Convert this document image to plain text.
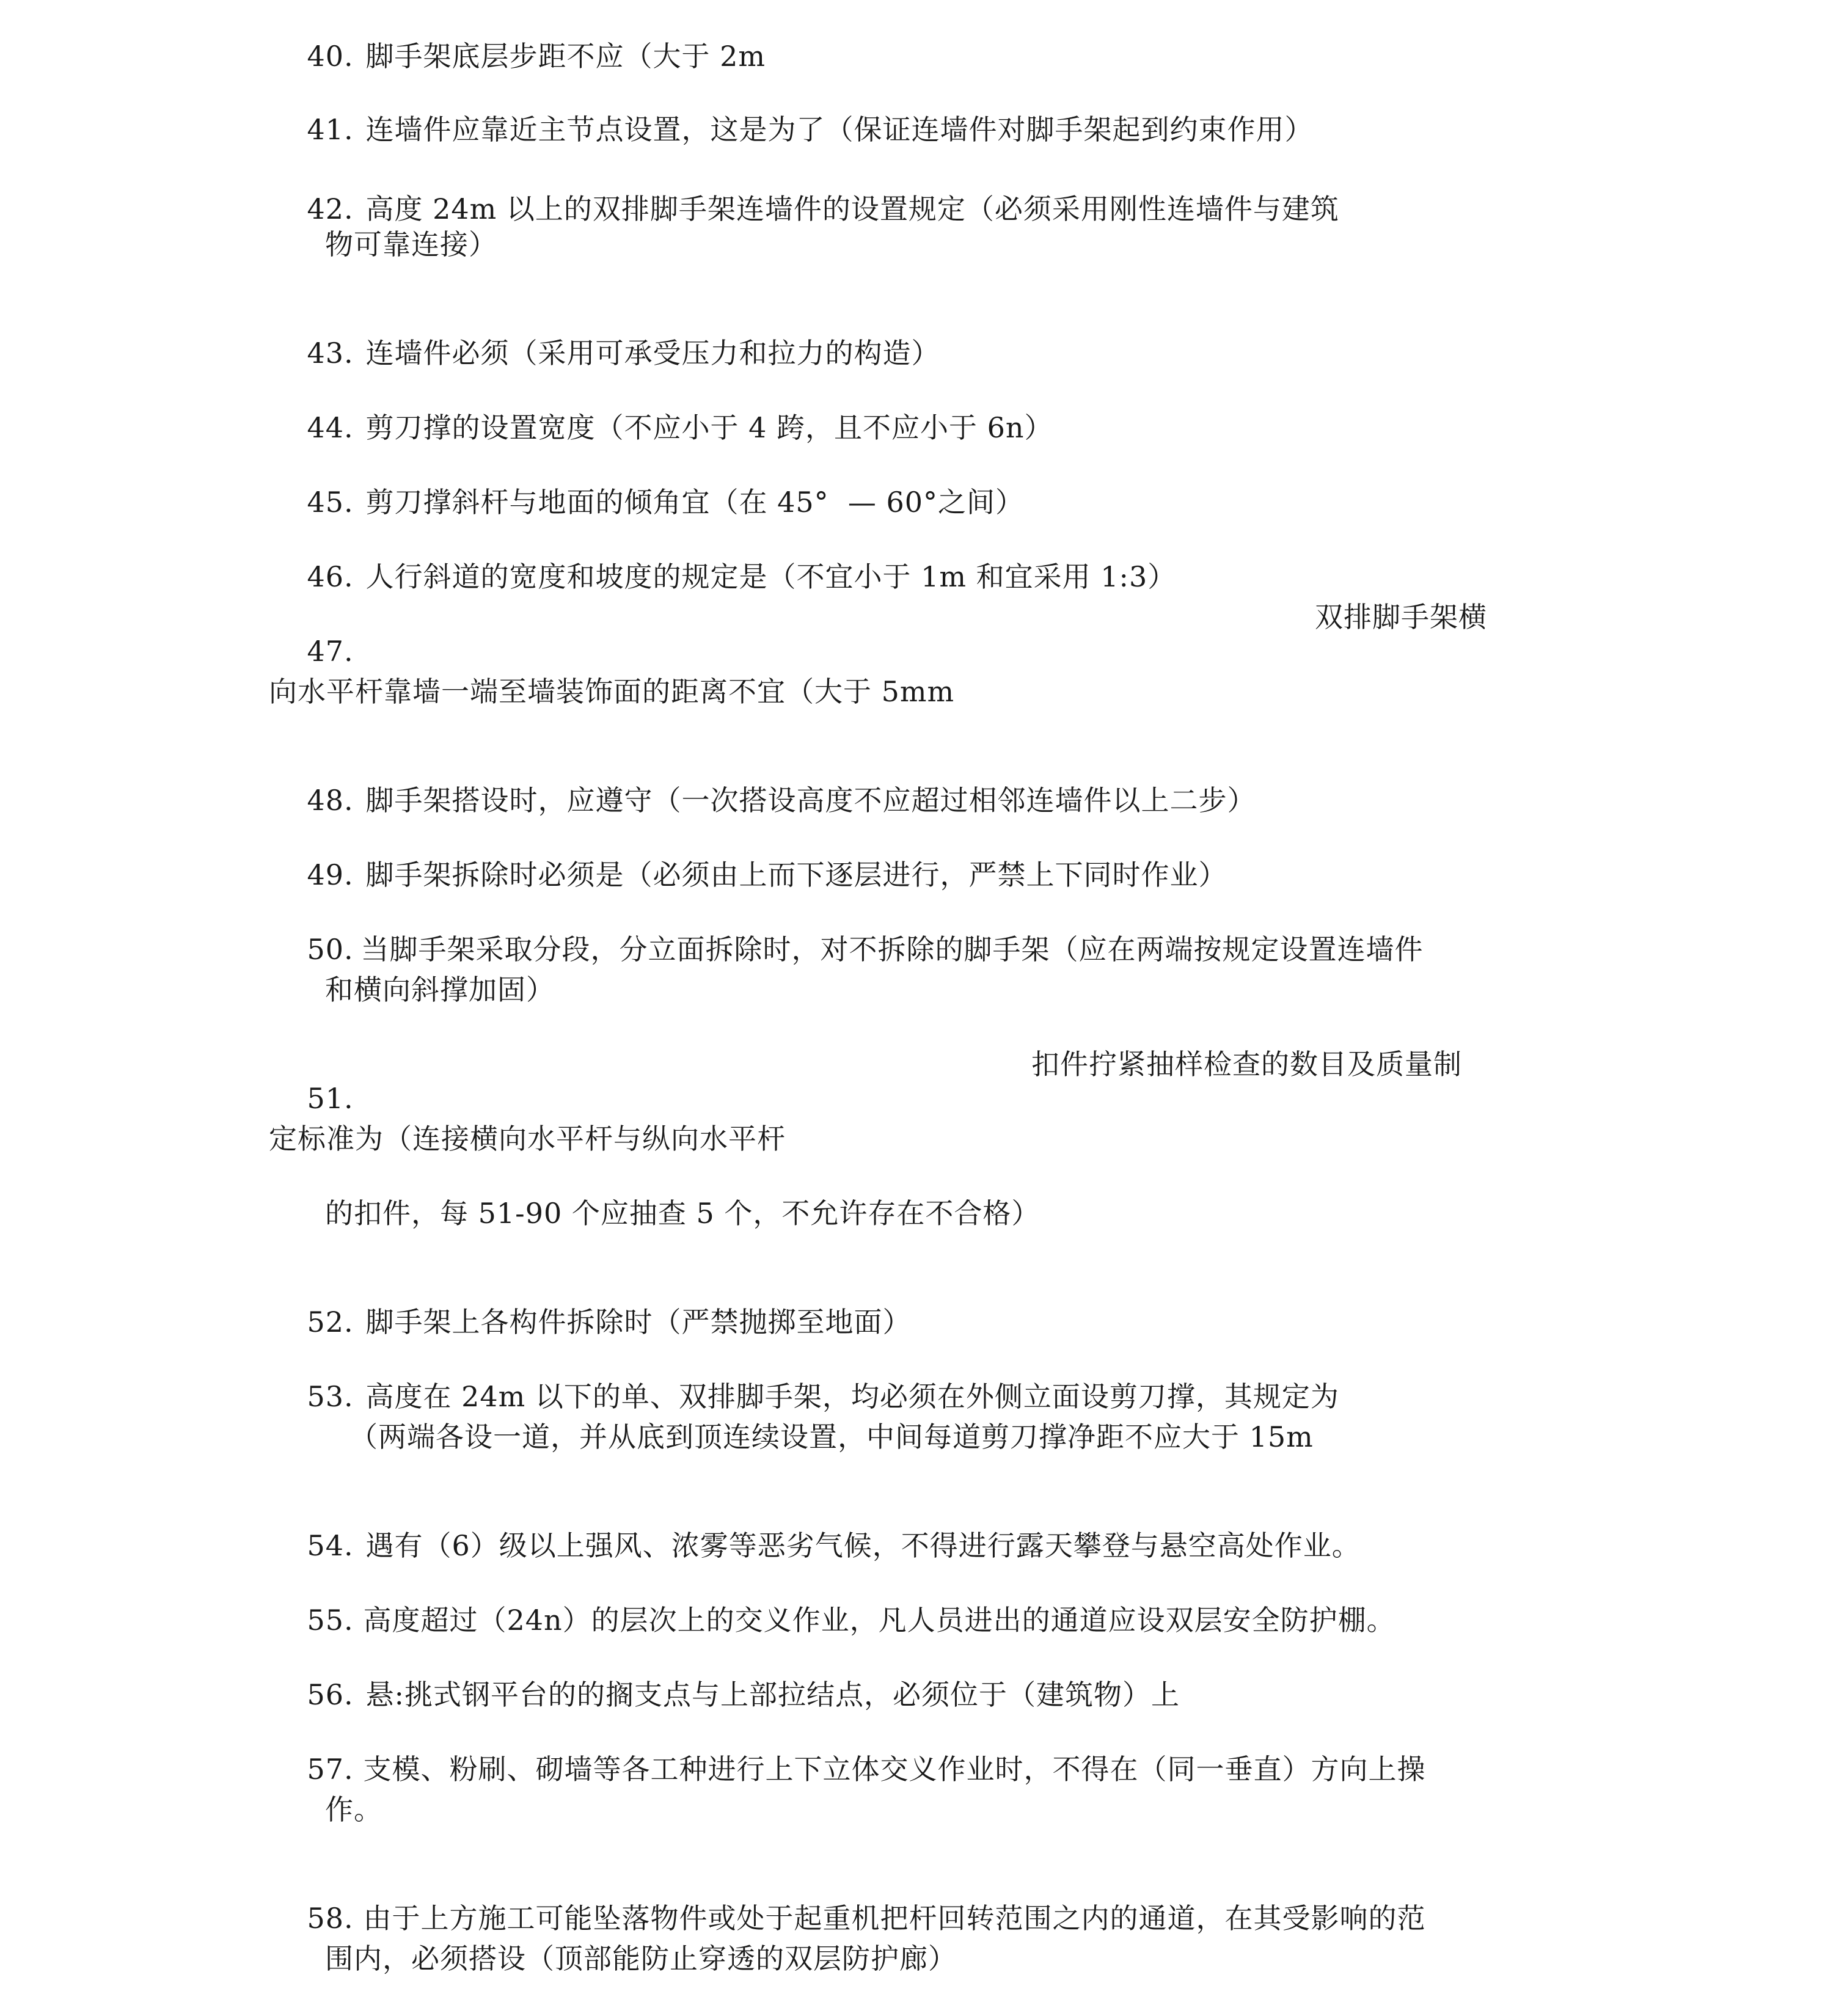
40. 脚手架底层步距不应（大于 2m

41. 连墙件应靠近主节点设置，这是为了（保证连墙件对脚手架起到约束作用）

42. 高度 24m 以上的双排脚手架连墙件的设置规定（必须采用刚性连墙件与建筑

物可靠连接）

43. 连墙件必须（采用可承受压力和拉力的构造）

44. 剪刀撑的设置宽度（不应小于 4 跨，且不应小于 6n）

45. 剪刀撑斜杆与地面的倾角宜（在 45°  — 60°之间）

46. 人行斜道的宽度和坡度的规定是（不宜小于 1m 和宜采用 1:3）

47.

双排脚手架横
向水平杆靠墙一端至墙装饰面的距离不宜（大于 5mm

48. 脚手架搭设时，应遵守（一次搭设高度不应超过相邻连墙件以上二步）

49. 脚手架拆除时必须是（必须由上而下逐层进行，严禁上下同时作业）

50. 当脚手架采取分段，分立面拆除时，对不拆除的脚手架（应在两端按规定设置连墙件

和横向斜撑加固）

51.

扣件拧紧抽样检查的数目及质量制
定标准为（连接横向水平杆与纵向水平杆
的扣件，每 51-90 个应抽查 5 个，不允许存在不合格）

52. 脚手架上各构件拆除时（严禁抛掷至地面）

53. 高度在 24m 以下的单、双排脚手架，均必须在外侧立面设剪刀撑，其规定为

（两端各设一道，并从底到顶连续设置，中间每道剪刀撑净距不应大于 15m

54. 遇有（6）级以上强风、浓雾等恶劣气候，不得进行露天攀登与悬空高处作业。

55. 高度超过（24n）的层次上的交义作业，凡人员进出的通道应设双层安全防护棚。

56. 悬:挑式钢平台的的搁支点与上部拉结点，必须位于（建筑物）上

57. 支模、粉刷、砌墙等各工种进行上下立体交义作业时，不得在（同一垂直）方向上操

作。

58. 由于上方施工可能坠落物件或处于起重机把杆回转范围之内的通道，在其受影响的范

围内，必须搭设（顶部能防止穿透的双层防护廊）
